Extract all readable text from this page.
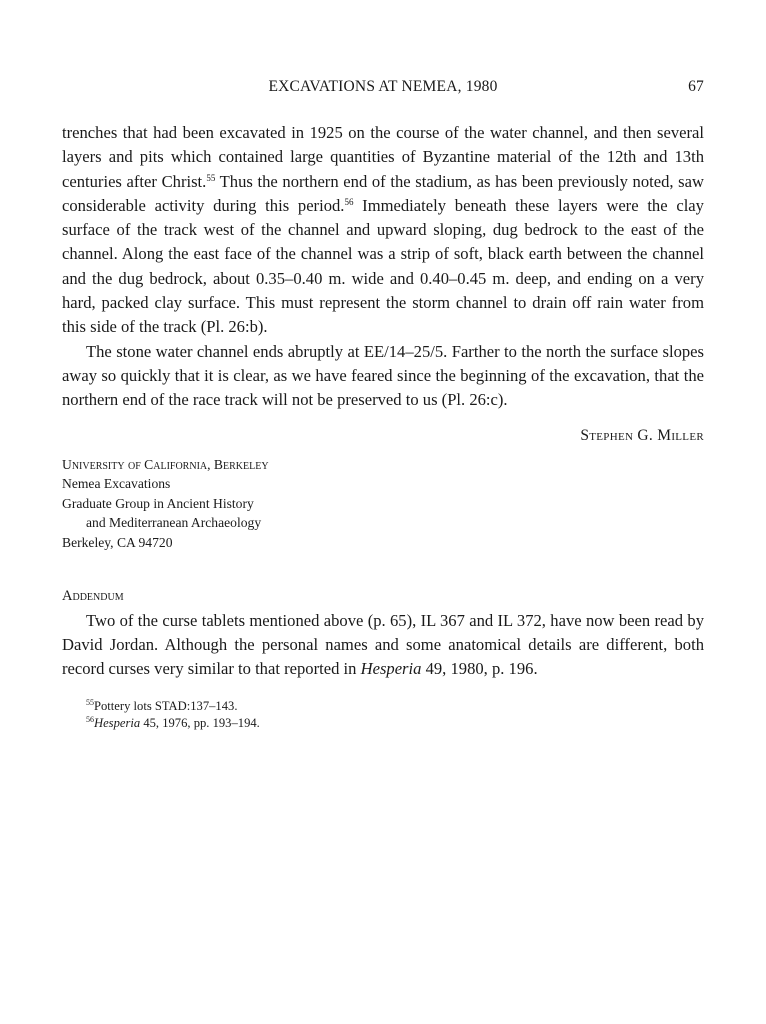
EXCAVATIONS AT NEMEA, 1980	67

trenches that had been excavated in 1925 on the course of the water channel, and then several layers and pits which contained large quantities of Byzantine material of the 12th and 13th centuries after Christ.$^{55}$ Thus the northern end of the stadium, as has been previously noted, saw considerable activity during this period.$^{56}$ Immediately beneath these layers were the clay surface of the track west of the channel and upward sloping, dug bedrock to the east of the channel. Along the east face of the channel was a strip of soft, black earth between the channel and the dug bedrock, about 0.35–0.40 m. wide and 0.40–0.45 m. deep, and ending on a very hard, packed clay surface. This must represent the storm channel to drain off rain water from this side of the track (Pl. 26:b).

The stone water channel ends abruptly at EE/14–25/5. Farther to the north the surface slopes away so quickly that it is clear, as we have feared since the beginning of the excavation, that the northern end of the race track will not be preserved to us (Pl. 26:c).

Stephen G. Miller
University of California, Berkeley
Nemea Excavations
Graduate Group in Ancient History
and Mediterranean Archaeology
Berkeley, CA 94720
Addendum

Two of the curse tablets mentioned above (p. 65), IL 367 and IL 372, have now been read by David Jordan. Although the personal names and some anatomical details are different, both record curses very similar to that reported in Hesperia 49, 1980, p. 196.

$^{55}$Pottery lots STAD:137–143.
$^{56}$Hesperia 45, 1976, pp. 193–194.
